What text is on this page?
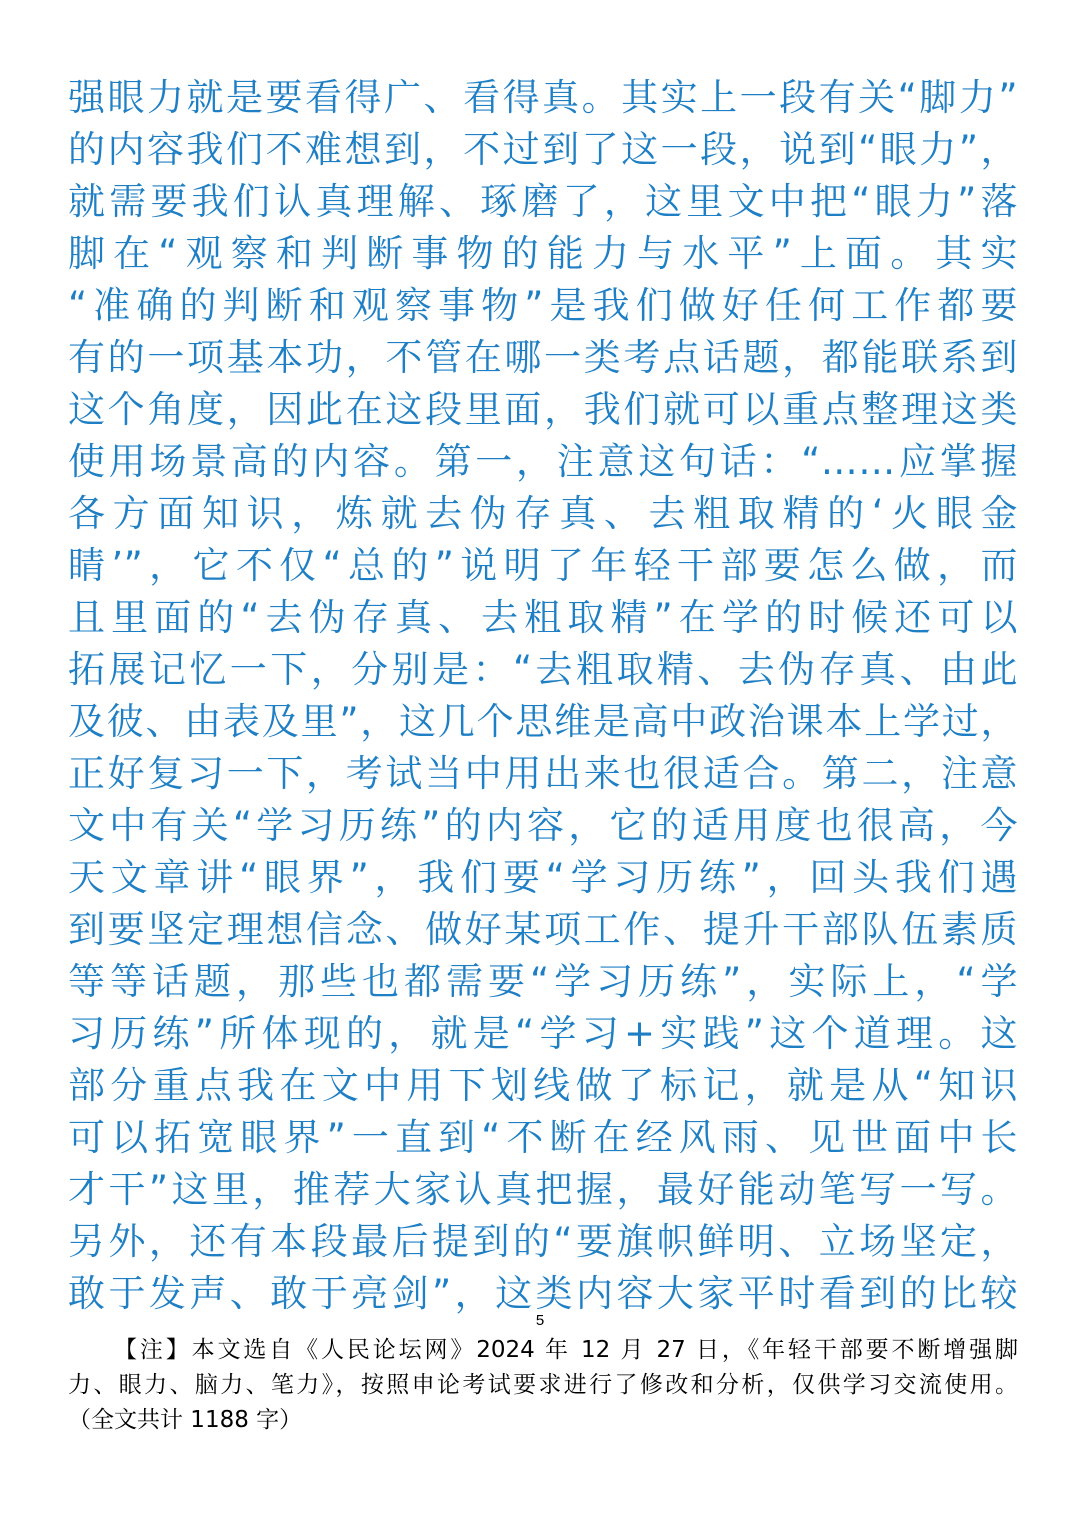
强眼力就是要看得广、看得真。其实上一段有关“脚力”
的内容我们不难想到，不过到了这一段，说到“眼力”，
就需要我们认真理解、琢磨了，这里文中把“眼力”落
脚在“观察和判断事物的能力与水平”上面。其实
“准确的判断和观察事物”是我们做好任何工作都要
有的一项基本功，不管在哪一类考点话题，都能联系到
这个角度，因此在这段里面，我们就可以重点整理这类
使用场景高的内容。第一，注意这句话：“……应掌握
各方面知识，炼就去伪存真、去粗取精的‘火眼金
睛’”，它不仅“总的”说明了年轻干部要怎么做，而
且里面的“去伪存真、去粗取精”在学的时候还可以
拓展记忆一下，分别是：“去粗取精、去伪存真、由此
及彼、由表及里”，这几个思维是高中政治课本上学过，
正好复习一下，考试当中用出来也很适合。第二，注意
文中有关“学习历练”的内容，它的适用度也很高，今
天文章讲“眼界”，我们要“学习历练”，回头我们遇
到要坚定理想信念、做好某项工作、提升干部队伍素质
等等话题，那些也都需要“学习历练”，实际上，“学
习历练”所体现的，就是“学习+实践”这个道理。这
部分重点我在文中用下划线做了标记，就是从“知识
可以拓宽眼界”一直到“不断在经风雨、见世面中长
才干”这里，推荐大家认真把握，最好能动笔写一写。
另外，还有本段最后提到的“要旗帜鲜明、立场坚定，
敢于发声、敢于亮剑”，这类内容大家平时看到的比较
5
【注】本文选自《人民论坛网》2024 年 12 月 27 日，《年轻干部要不断增强脚
力、眼力、脑力、笔力》，按照申论考试要求进行了修改和分析，仅供学习交流使用。
（全文共计 1188 字）
